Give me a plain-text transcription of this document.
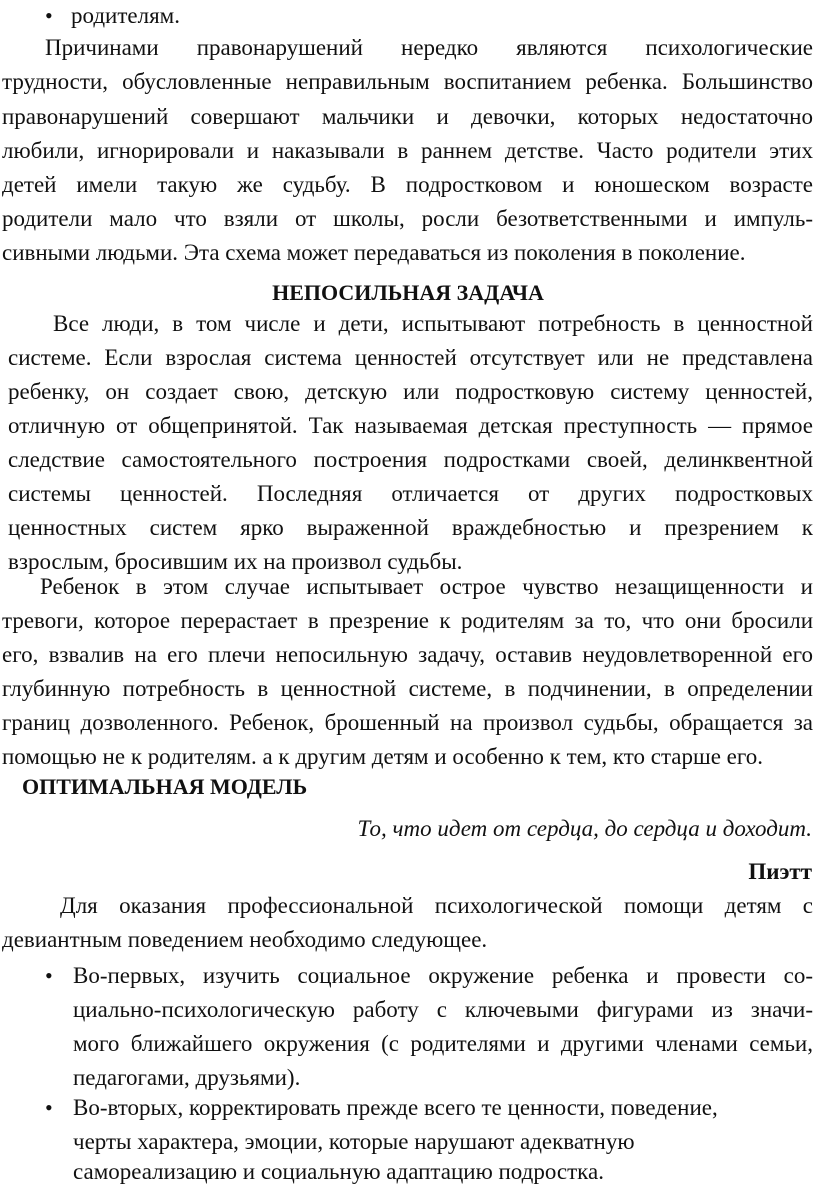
• родителям.

Причинами правонарушений нередко являются психологические

трудности, обусловленные неправильным воспитанием ребенка. Большинство

правонарушений совершают мальчики и девочки, которых недостаточно

любили, игнорировали и наказывали в раннем детстве. Часто родители этих

детей имели такую же судьбу. В подростковом и юношеском возрасте

родители мало что взяли от школы, росли безответственными и импуль-

сивными людьми. Эта схема может передаваться из поколения в поколение.

НЕПОСИЛЬНАЯ ЗАДАЧА

Все люди, в том числе и дети, испытывают потребность в ценностной

системе. Если взрослая система ценностей отсутствует или не представлена

ребенку, он создает свою, детскую или подростковую систему ценностей,

отличную от общепринятой. Так называемая детская преступность — прямое

следствие самостоятельного построения подростками своей, делинквентной

системы ценностей. Последняя отличается от других подростковых

ценностных систем ярко выраженной враждебностью и презрением к

взрослым, бросившим их на произвол судьбы.

Ребенок в этом случае испытывает острое чувство незащищенности и

тревоги, которое перерастает в презрение к родителям за то, что они бросили

его, взвалив на его плечи непосильную задачу, оставив неудовлетворенной его

глубинную потребность в ценностной системе, в подчинении, в определении

границ дозволенного. Ребенок, брошенный на произвол судьбы, обращается за

помощью не к родителям. а к другим детям и особенно к тем, кто старше его.

ОПТИМАЛЬНАЯ МОДЕЛЬ

То, что идет от сердца, до сердца и доходит.

Пиэтт

Для оказания профессиональной психологической помощи детям с

девиантным поведением необходимо следующее.

• Во-первых, изучить социальное окружение ребенка и провести со-

циально-психологическую работу с ключевыми фигурами из значи-

мого ближайшего окружения (с родителями и другими членами семьи,

педагогами, друзьями).

• Во-вторых, корректировать прежде всего те ценности, поведение,

черты характера, эмоции, которые нарушают адекватную

самореализацию и социальную адаптацию подростка.
